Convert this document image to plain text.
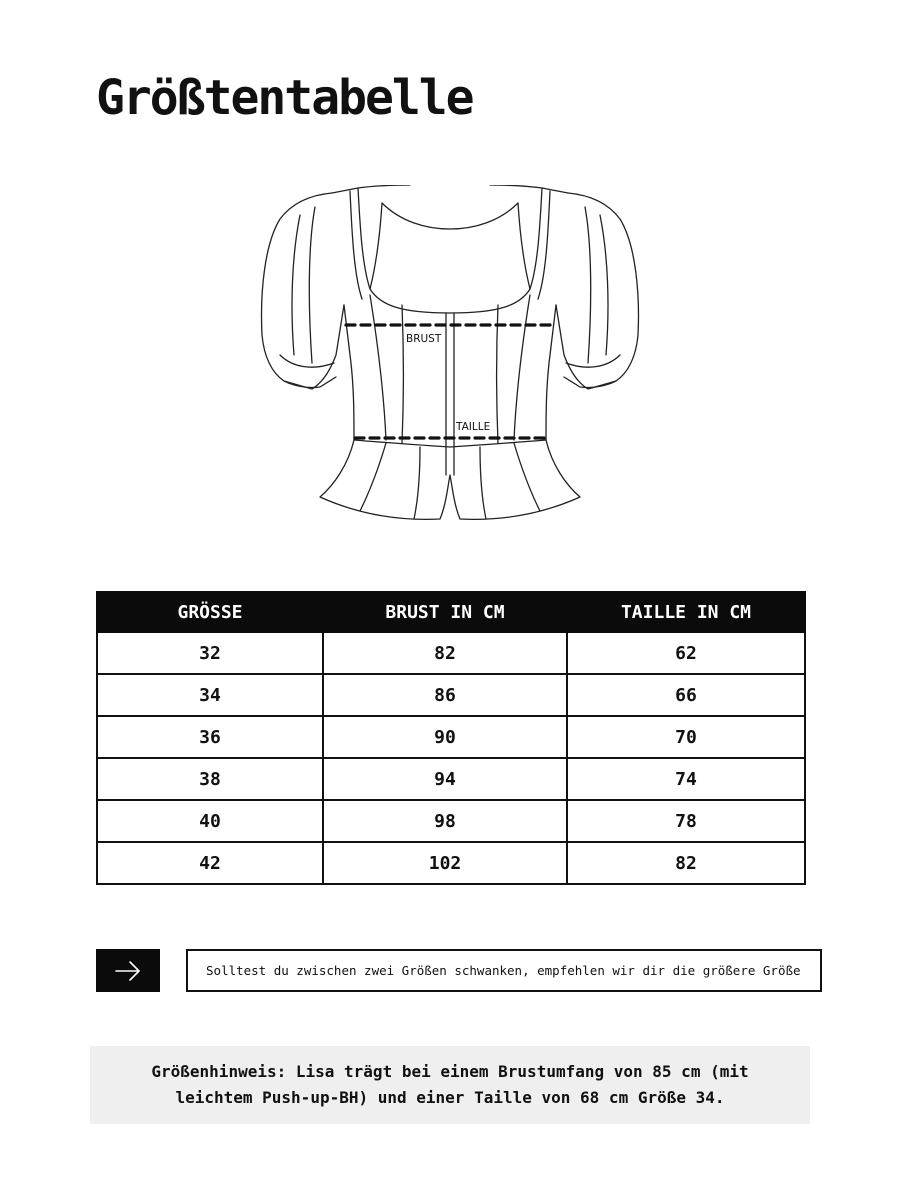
Größtentabelle
BRUST
TAILLE
GRÖSSE	BRUST IN CM	TAILLE IN CM
32	82	62
34	86	66
36	90	70
38	94	74
40	98	78
42	102	82
Solltest du zwischen zwei Größen schwanken, empfehlen wir dir die größere Größe

Größenhinweis: Lisa trägt bei einem Brustumfang von 85 cm (mit
leichtem Push-up-BH) und einer Taille von 68 cm Größe 34.
